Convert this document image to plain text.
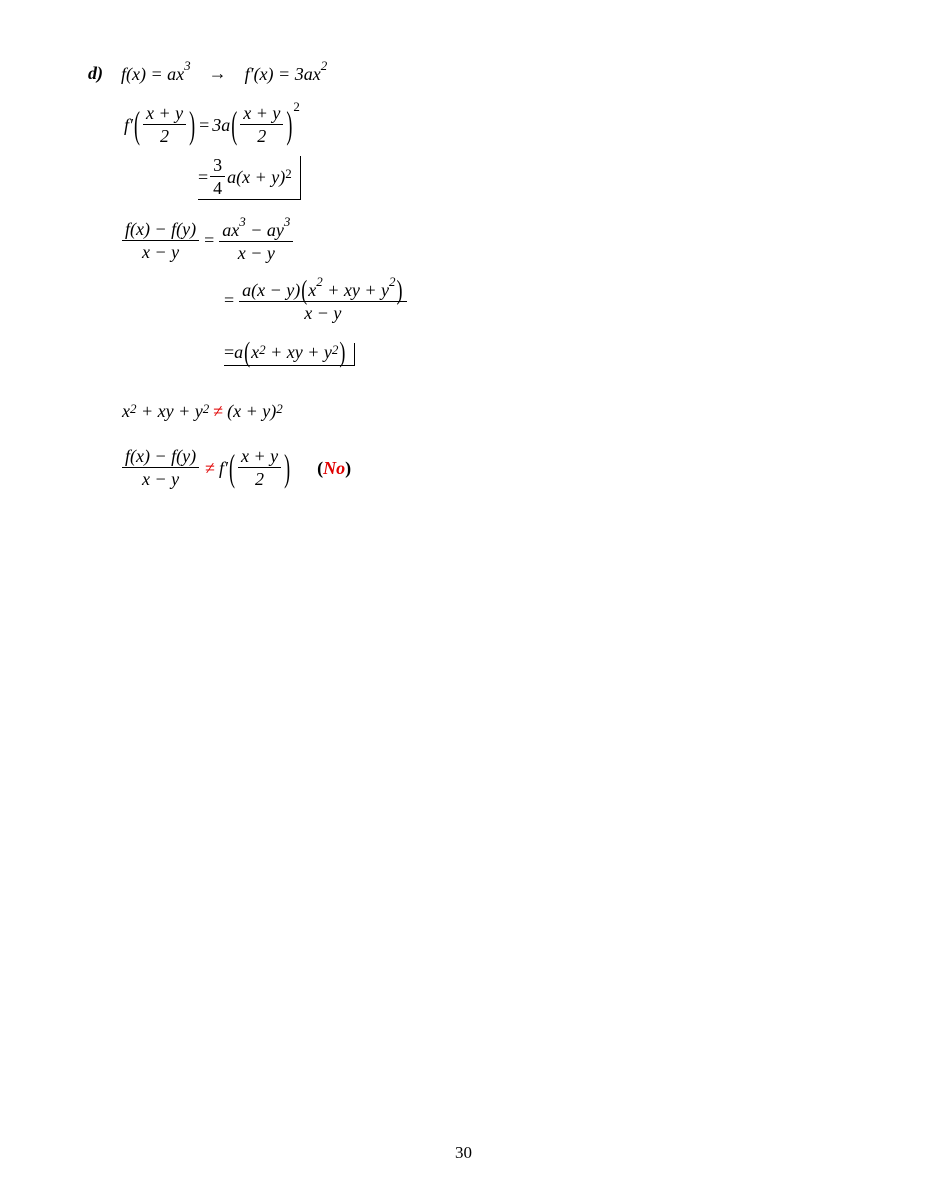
d) $f(x) = ax^3 \to f'(x) = 3ax^2$
f′ ( $\frac{x + y}{2}$ ) = 3a ( $\frac{x + y}{2} )^2$
= $\frac{3}{4} a(x + y)^2$
$\frac{f(x) - f(y)}{x - y} = \frac{ax^3 - ay^3}{x - y}$
= $\frac{a(x - y)(x^2 + xy + y^2)}{x - y}$
= a ( $x^2$ + xy + $y^2$ )
$x^2$ + xy + $y^2 \ne (x + y)^2$
$\frac{f(x) - f(y)}{x - y} \ne f'$ ( $\frac{x + y}{2}$ ) (No)
30
